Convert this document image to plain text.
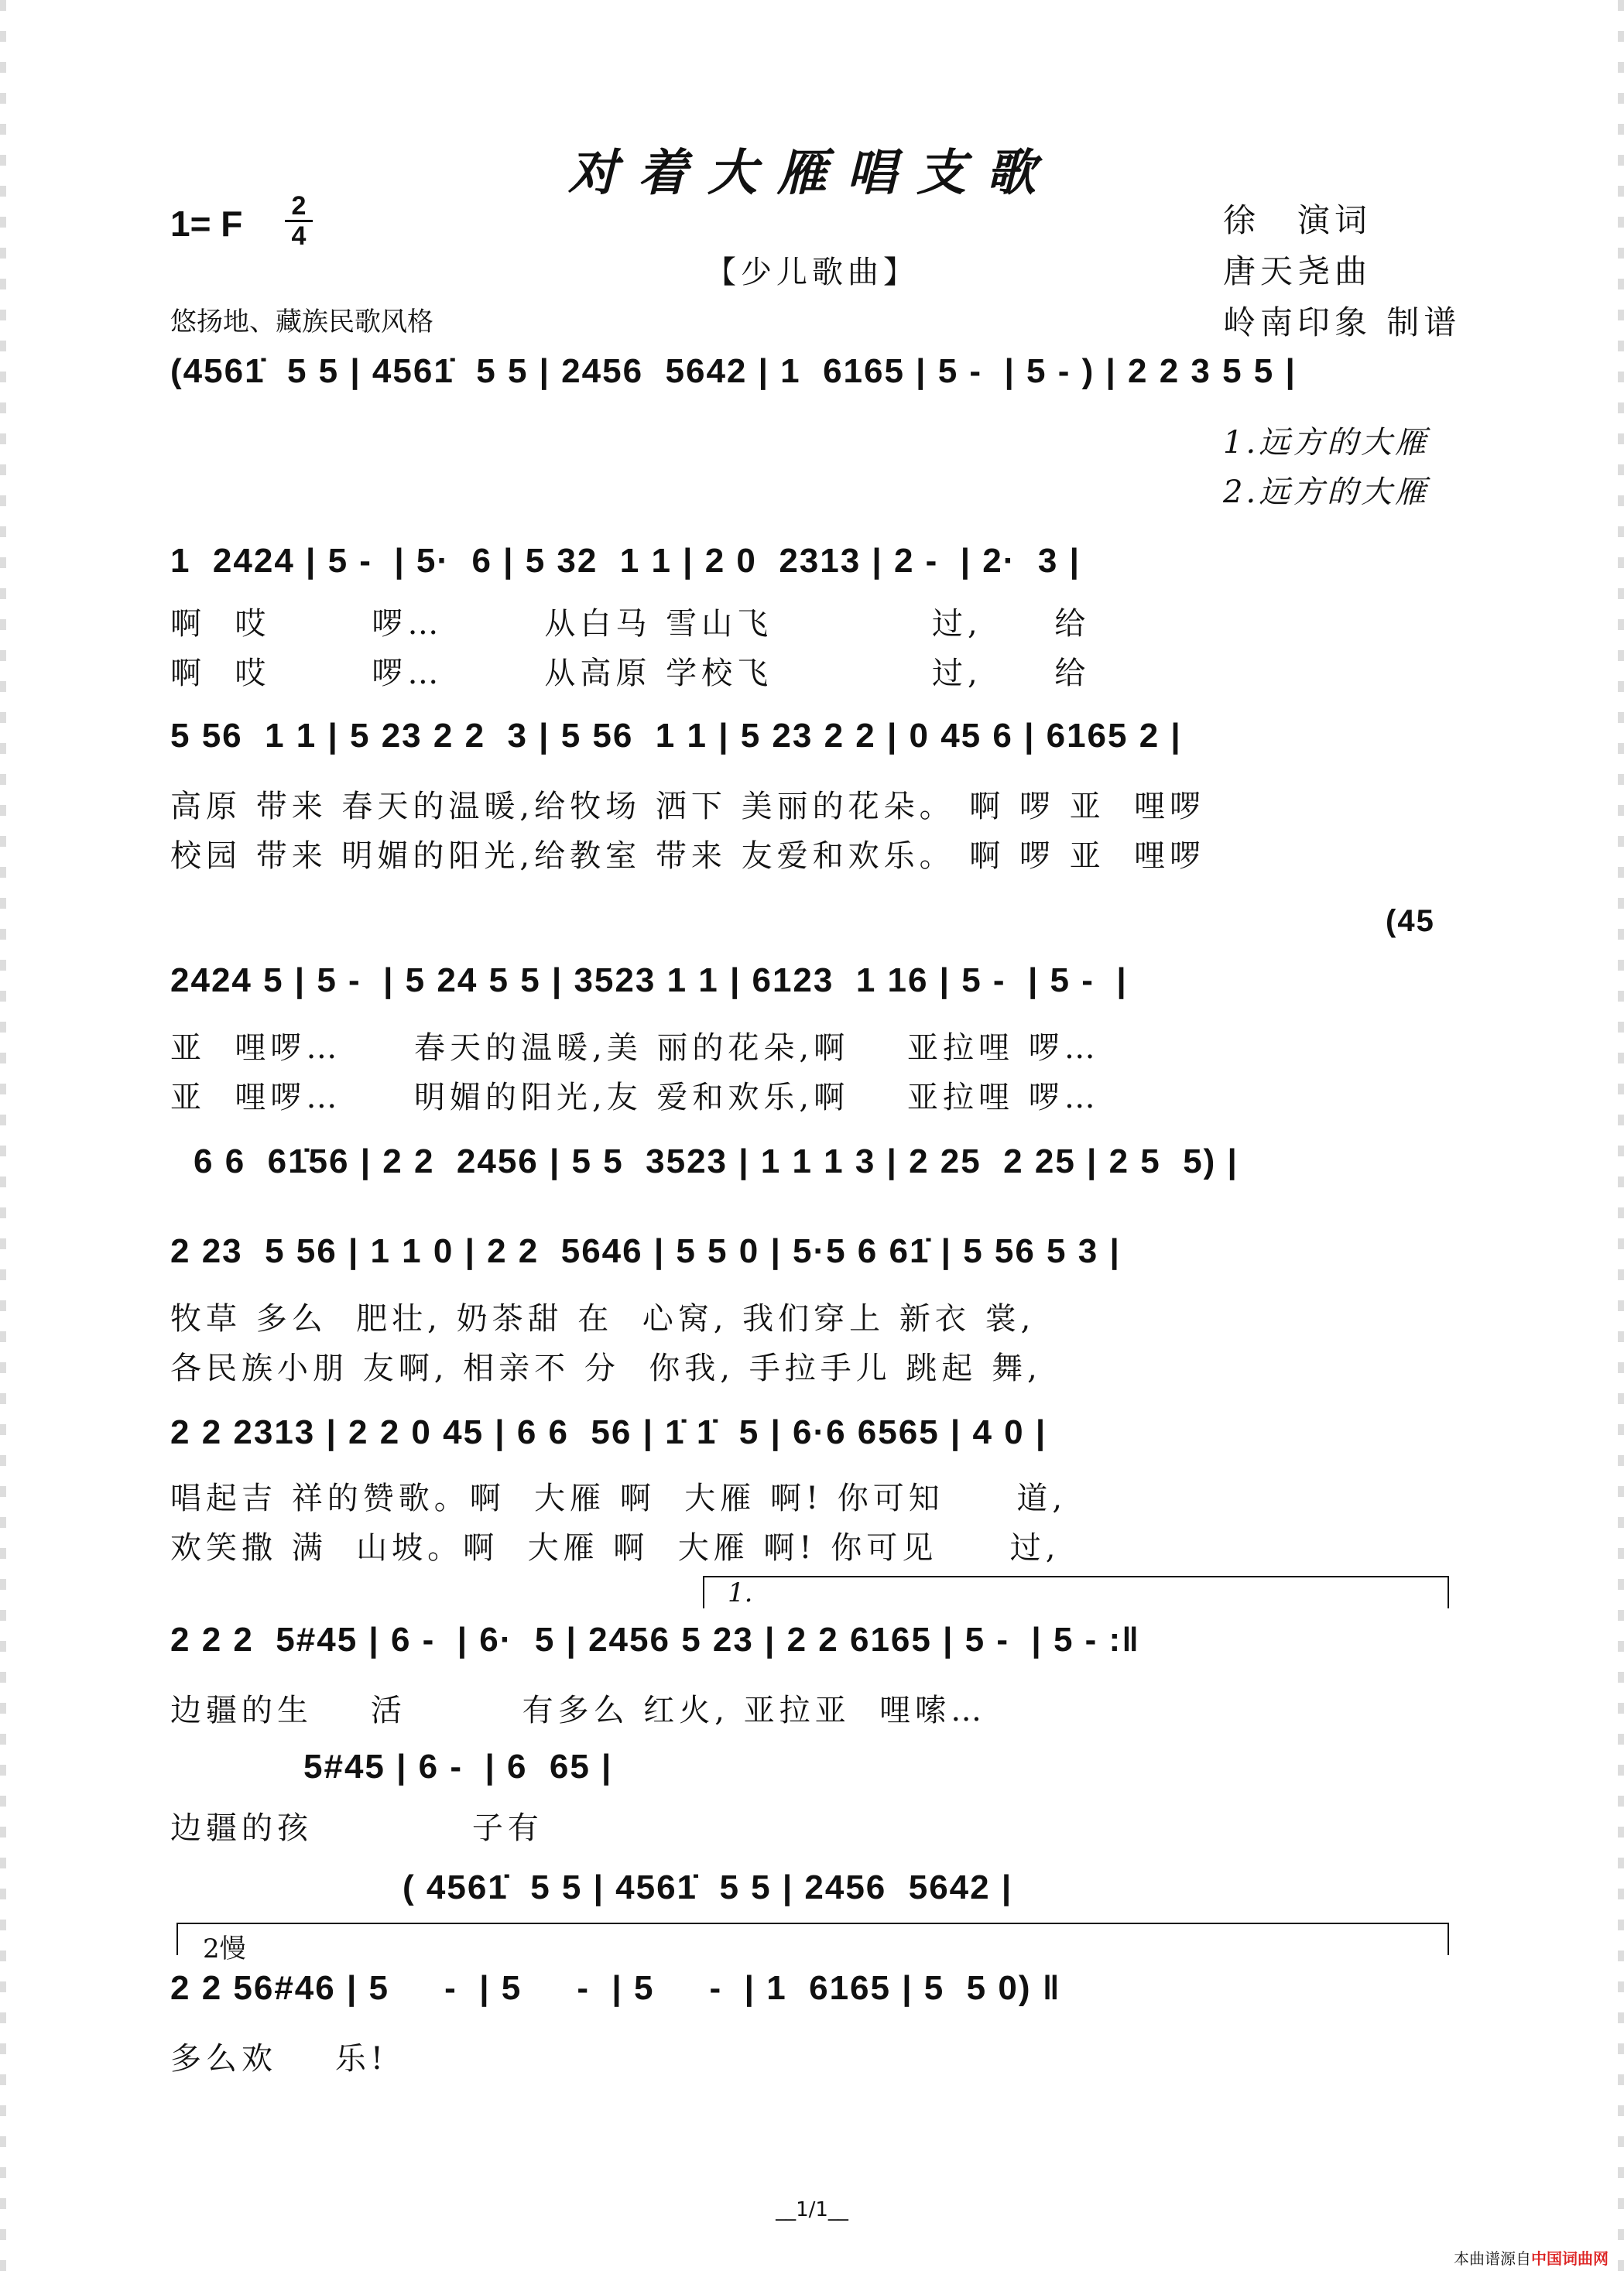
对着大雁唱支歌
1= F 2
4
【少儿歌曲】
徐　演词
唐天尧曲
岭南印象 制谱
悠扬地、藏族民歌风格
(4561̇  5 5 | 4561̇  5 5 | 2456  5642 | 1  6165 | 5 -  | 5 - ) | 2 2 3 5 5 |
1.远方的大雁
2.远方的大雁
1  2424 | 5 -  | 5·  6 | 5 32  1 1 | 2 0  2313 | 2 -  | 2·  3 |
啊  哎       啰…       从白马 雪山飞           过,     给
啊  哎       啰…       从高原 学校飞           过,     给
5 56  1 1 | 5 23 2 2  3 | 5 56  1 1 | 5 23 2 2 | 0 45 6 | 6165 2 |
高原 带来 春天的温暖,给牧场 洒下 美丽的花朵。 啊 啰 亚  哩啰
校园 带来 明媚的阳光,给教室 带来 友爱和欢乐。 啊 啰 亚  哩啰
(45
2424 5 | 5 -  | 5 24 5 5 | 3523 1 1 | 6123  1 16 | 5 -  | 5 -  |
亚  哩啰…     春天的温暖,美 丽的花朵,啊    亚拉哩 啰…
亚  哩啰…     明媚的阳光,友 爱和欢乐,啊    亚拉哩 啰…
6 6  61̇56 | 2 2  2456 | 5 5  3523 | 1 1 1 3 | 2 25  2 25 | 2 5  5) |
2 23  5 56 | 1 1 0 | 2 2  5646 | 5 5 0 | 5·5 6 61̇ | 5 56 5 3 |
牧草 多么  肥壮, 奶茶甜 在  心窝, 我们穿上 新衣 裳,
各民族小朋 友啊, 相亲不 分  你我, 手拉手儿 跳起 舞,
2 2 2313 | 2 2 0 45 | 6 6  56 | 1̇ 1̇  5 | 6·6 6565 | 4 0 |
唱起吉 祥的赞歌。啊  大雁 啊  大雁 啊! 你可知     道,
欢笑撒 满  山坡。啊  大雁 啊  大雁 啊! 你可见     过,
1.
2 2 2  5#45 | 6 -  | 6·  5 | 2456 5 23 | 2 2 6165 | 5 -  | 5 - :‖
边疆的生    活        有多么 红火, 亚拉亚  哩嗦…
5#45 | 6 -  | 6  65 |
边疆的孩           子有
( 4561̇  5 5 | 4561̇  5 5 | 2456  5642 |
2慢
2 2 56#46 | 5     -  | 5     -  | 5     -  | 1  6165 | 5  5 0) ‖
多么欢    乐!
__1/1__
本曲谱源自中国词曲网
